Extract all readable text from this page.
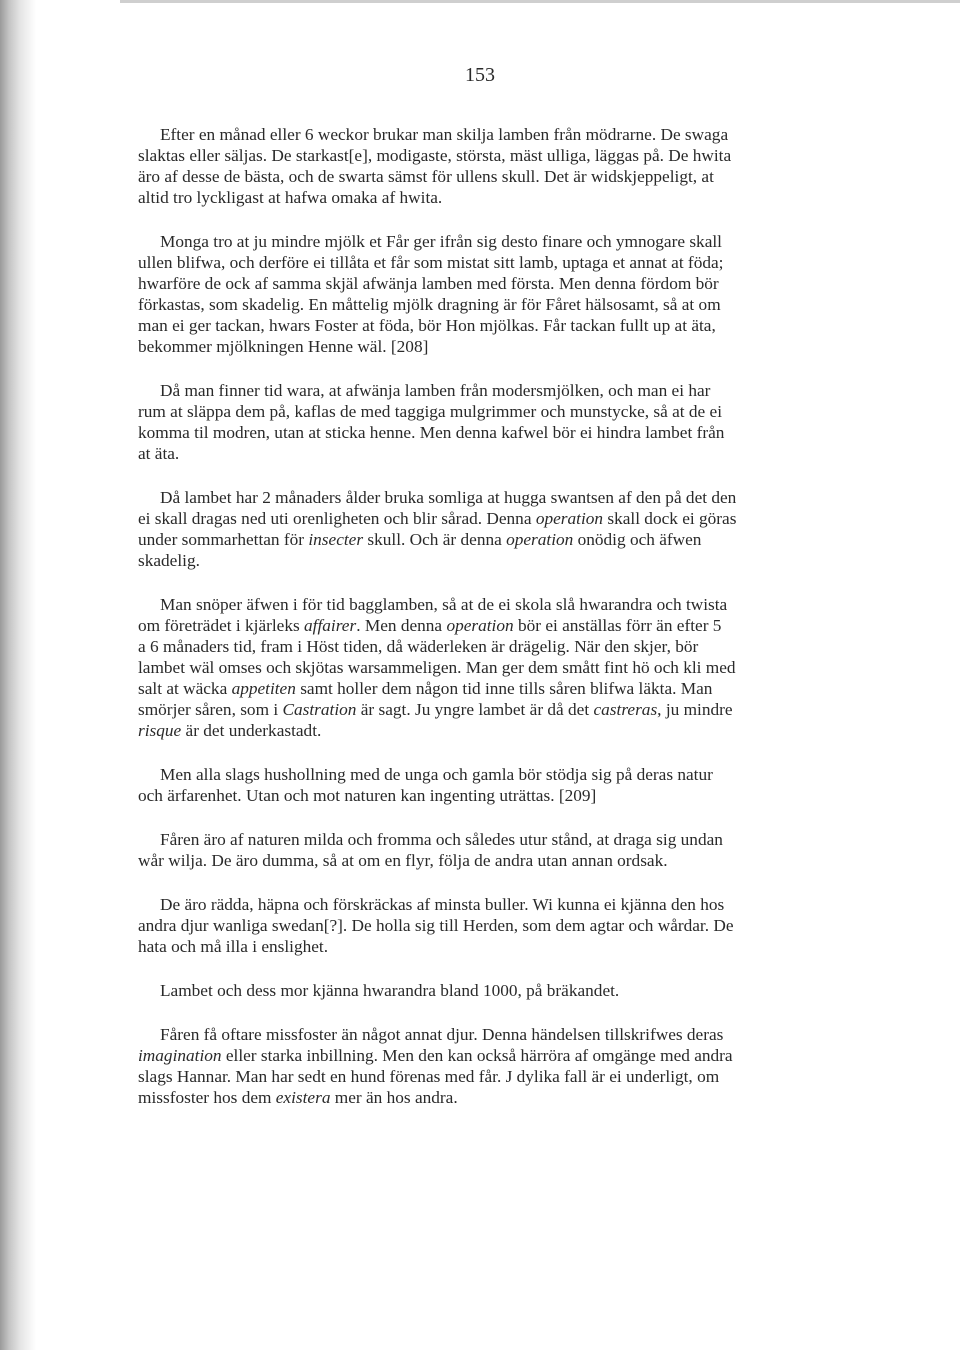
153

Efter en månad eller 6 weckor brukar man skilja lamben från mödrarne. De swaga
slaktas eller säljas. De starkast[e], modigaste, största, mäst ulliga, läggas på. De hwita
äro af desse de bästa, och de swarta sämst för ullens skull. Det är widskjeppeligt, at
altid tro lyckligast at hafwa omaka af hwita.

Monga tro at ju mindre mjölk et Får ger ifrån sig desto finare och ymnogare skall
ullen blifwa, och derföre ei tillåta et får som mistat sitt lamb, uptaga et annat at föda;
hwarföre de ock af samma skjäl afwänja lamben med första. Men denna fördom bör
förkastas, som skadelig. En måttelig mjölk dragning är för Fåret hälsosamt, så at om
man ei ger tackan, hwars Foster at föda, bör Hon mjölkas. Får tackan fullt up at äta,
bekommer mjölkningen Henne wäl. [208]

Då man finner tid wara, at afwänja lamben från modersmjölken, och man ei har
rum at släppa dem på, kaflas de med taggiga mulgrimmer och munstycke, så at de ei
komma til modren, utan at sticka henne. Men denna kafwel bör ei hindra lambet från
at äta.

Då lambet har 2 månaders ålder bruka somliga at hugga swantsen af den på det den
ei skall dragas ned uti orenligheten och blir sårad. Denna operation skall dock ei göras
under sommarhettan för insecter skull. Och är denna operation onödig och äfwen
skadelig.

Man snöper äfwen i för tid bagglamben, så at de ei skola slå hwarandra och twista
om företrädet i kjärleks affairer. Men denna operation bör ei anställas förr än efter 5
a 6 månaders tid, fram i Höst tiden, då wäderleken är drägelig. När den skjer, bör
lambet wäl omses och skjötas warsammeligen. Man ger dem smått fint hö och kli med
salt at wäcka appetiten samt holler dem någon tid inne tills såren blifwa läkta. Man
smörjer såren, som i Castration är sagt. Ju yngre lambet är då det castreras, ju mindre
risque är det underkastadt.

Men alla slags hushollning med de unga och gamla bör stödja sig på deras natur
och ärfarenhet. Utan och mot naturen kan ingenting uträttas. [209]

Fåren äro af naturen milda och fromma och således utur stånd, at draga sig undan
wår wilja. De äro dumma, så at om en flyr, följa de andra utan annan ordsak.

De äro rädda, häpna och förskräckas af minsta buller. Wi kunna ei kjänna den hos
andra djur wanliga swedan[?]. De holla sig till Herden, som dem agtar och wårdar. De
hata och må illa i enslighet.

Lambet och dess mor kjänna hwarandra bland 1000, på bräkandet.

Fåren få oftare missfoster än något annat djur. Denna händelsen tillskrifwes deras
imagination eller starka inbillning. Men den kan också härröra af omgänge med andra
slags Hannar. Man har sedt en hund förenas med får. J dylika fall är ei underligt, om
missfoster hos dem existera mer än hos andra.
